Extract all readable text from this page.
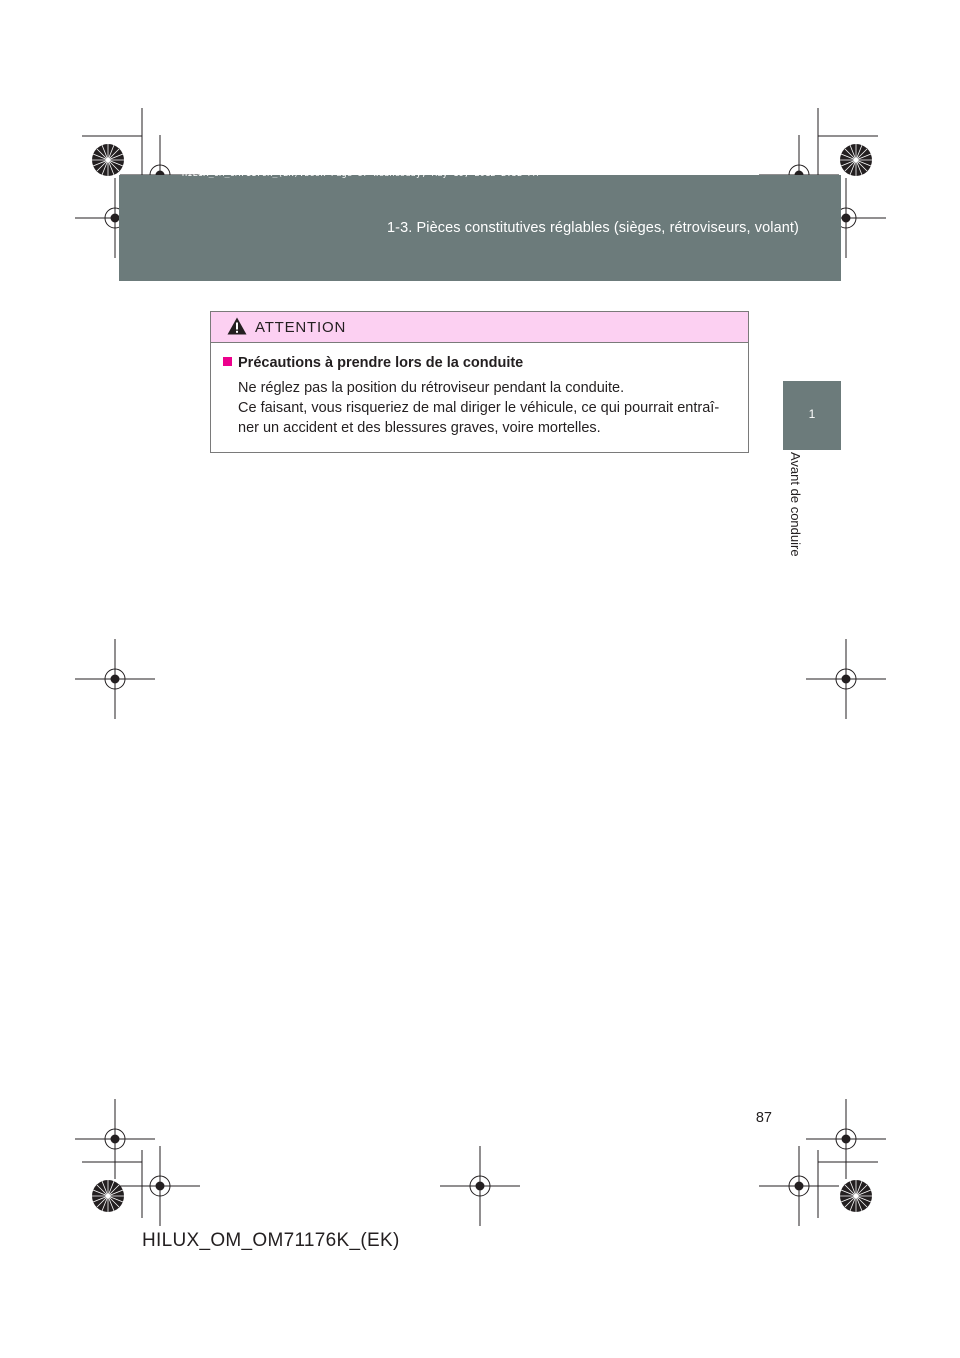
HILUX_OM_OM71176K_(EK).book Page 87 Wednesday, May 16, 2012 2:32 PM
1-3. Pièces constitutives réglables (sièges, rétroviseurs, volant)
1
Avant de conduire
ATTENTION
Précautions à prendre lors de la conduite

Ne réglez pas la position du rétroviseur pendant la conduite.

Ce faisant, vous risqueriez de mal diriger le véhicule, ce qui pourrait entraî-

ner un accident et des blessures graves, voire mortelles.

87
HILUX_OM_OM71176K_(EK)
